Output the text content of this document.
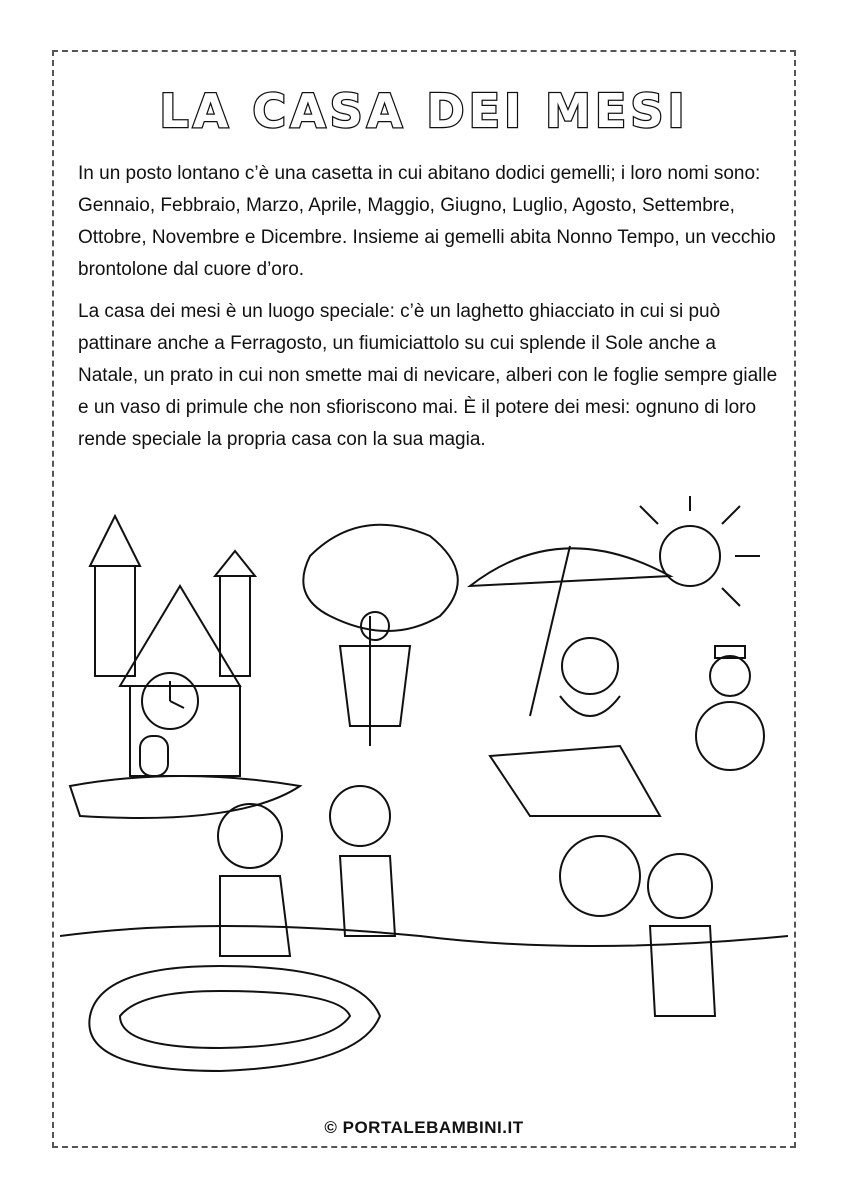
LA CASA DEI MESI
In un posto lontano c’è una casetta in cui abitano dodici gemelli; i loro nomi sono: Gennaio, Febbraio, Marzo, Aprile, Maggio, Giugno, Luglio, Agosto, Settembre, Ottobre, Novembre e Dicembre. Insieme ai gemelli abita Nonno Tempo, un vecchio brontolone dal cuore d’oro.
La casa dei mesi è un luogo speciale: c’è un laghetto ghiacciato in cui si può pattinare anche a Ferragosto, un fiumiciattolo su cui splende il Sole anche a Natale, un prato in cui non smette mai di nevicare, alberi con le foglie sempre gialle e un vaso di primule che non sfioriscono mai. È il potere dei mesi: ognuno di loro rende speciale la propria casa con la sua magia.
© PORTALEBAMBINI.IT
